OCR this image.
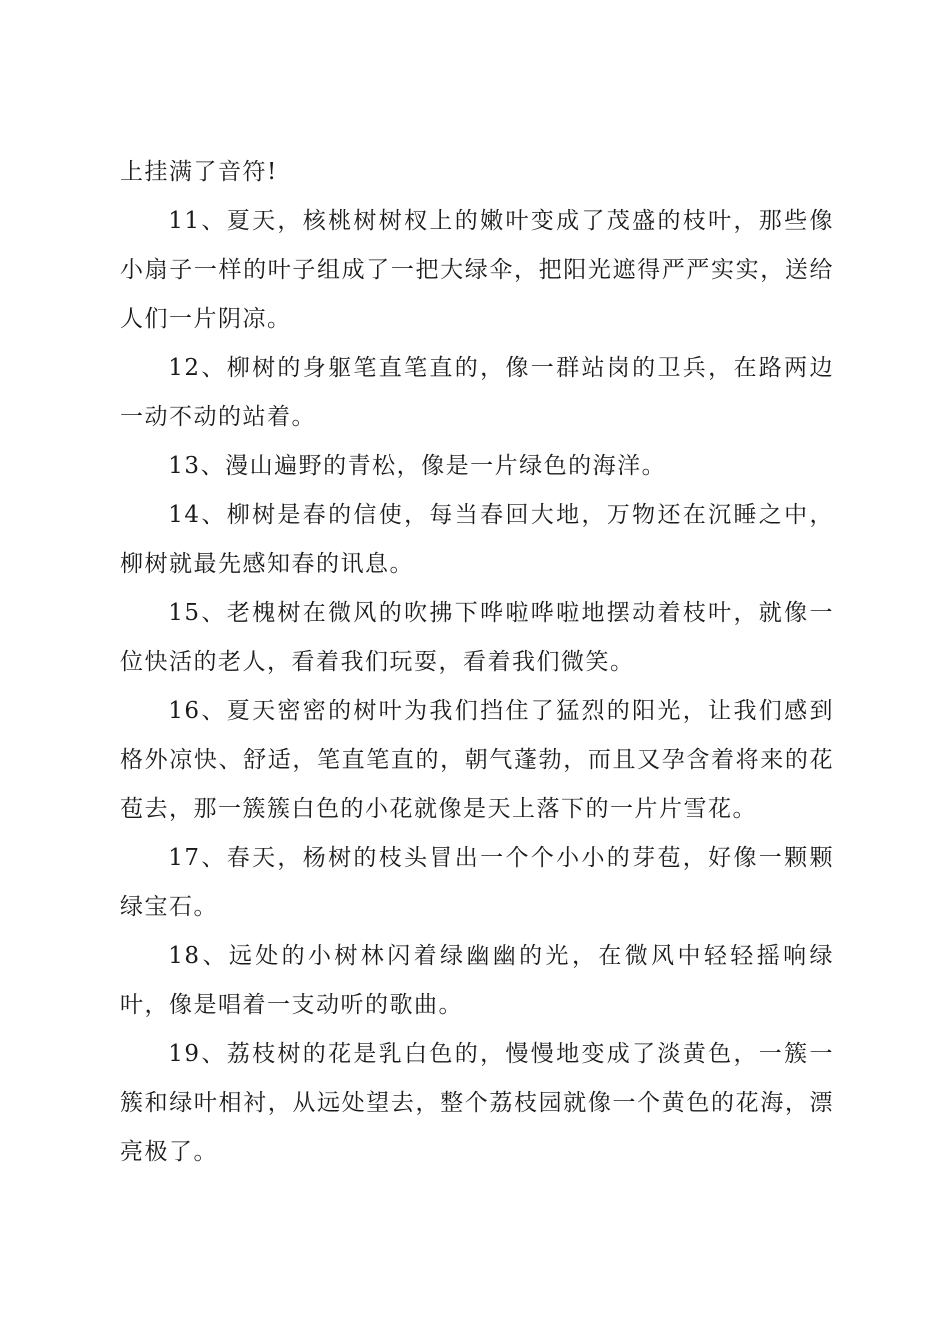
上挂满了音符!

11、夏天，核桃树树杈上的嫩叶变成了茂盛的枝叶，那些像小扇子一样的叶子组成了一把大绿伞，把阳光遮得严严实实，送给人们一片阴凉。

12、柳树的身躯笔直笔直的，像一群站岗的卫兵，在路两边一动不动的站着。

13、漫山遍野的青松，像是一片绿色的海洋。

14、柳树是春的信使，每当春回大地，万物还在沉睡之中，柳树就最先感知春的讯息。

15、老槐树在微风的吹拂下哗啦哗啦地摆动着枝叶，就像一位快活的老人，看着我们玩耍，看着我们微笑。

16、夏天密密的树叶为我们挡住了猛烈的阳光，让我们感到格外凉快、舒适，笔直笔直的，朝气蓬勃，而且又孕含着将来的花苞去，那一簇簇白色的小花就像是天上落下的一片片雪花。

17、春天，杨树的枝头冒出一个个小小的芽苞，好像一颗颗绿宝石。

18、远处的小树林闪着绿幽幽的光，在微风中轻轻摇响绿叶，像是唱着一支动听的歌曲。

19、荔枝树的花是乳白色的，慢慢地变成了淡黄色，一簇一簇和绿叶相衬，从远处望去，整个荔枝园就像一个黄色的花海，漂亮极了。
